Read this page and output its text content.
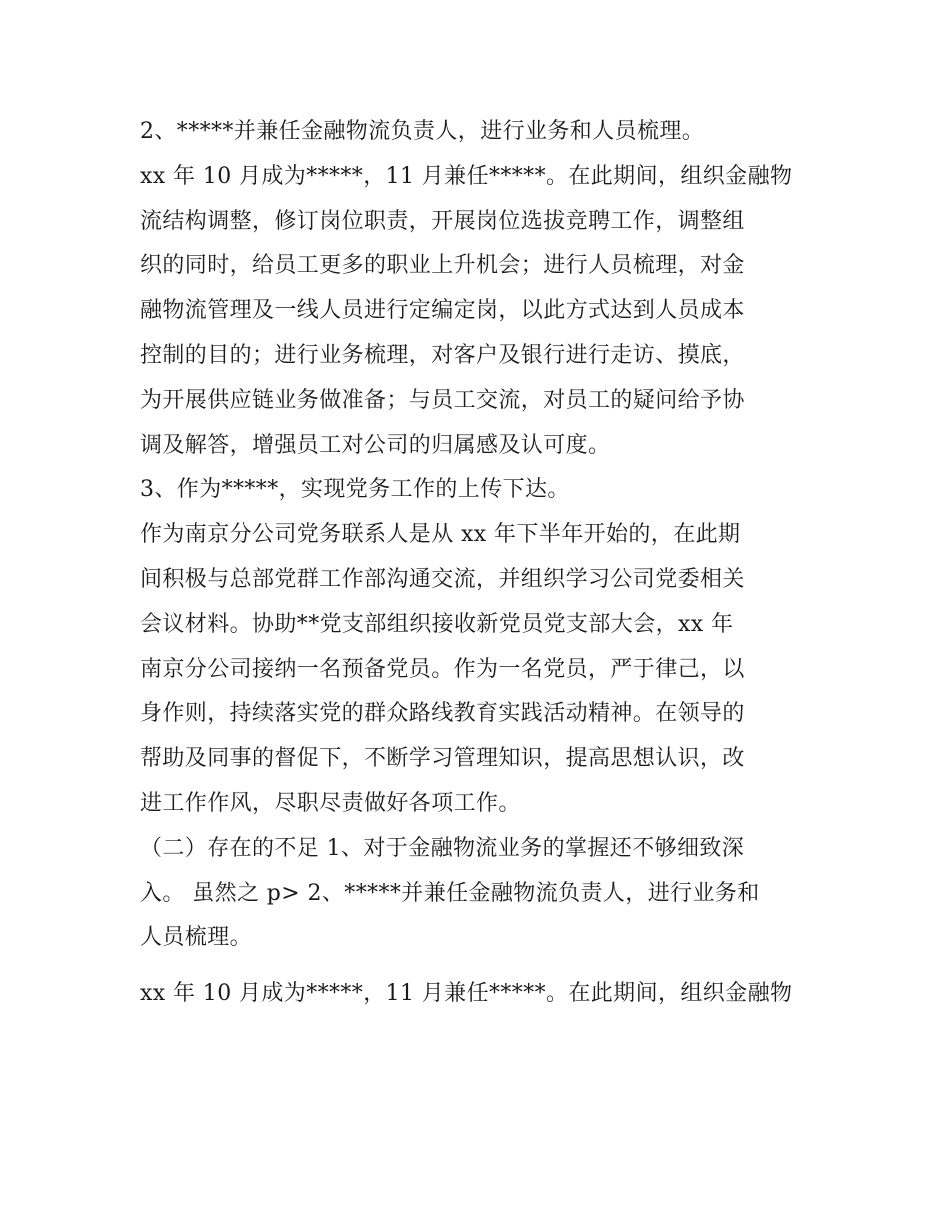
2、*****并兼任金融物流负责人，进行业务和人员梳理。
xx 年 10 月成为*****，11 月兼任*****。在此期间，组织金融物
流结构调整，修订岗位职责，开展岗位选拔竞聘工作，调整组
织的同时，给员工更多的职业上升机会；进行人员梳理，对金
融物流管理及一线人员进行定编定岗，以此方式达到人员成本
控制的目的；进行业务梳理，对客户及银行进行走访、摸底，
为开展供应链业务做准备；与员工交流，对员工的疑问给予协
调及解答，增强员工对公司的归属感及认可度。
3、作为*****，实现党务工作的上传下达。
作为南京分公司党务联系人是从 xx 年下半年开始的，在此期
间积极与总部党群工作部沟通交流，并组织学习公司党委相关
会议材料。协助**党支部组织接收新党员党支部大会，xx 年
南京分公司接纳一名预备党员。作为一名党员，严于律己，以
身作则，持续落实党的群众路线教育实践活动精神。在领导的
帮助及同事的督促下，不断学习管理知识，提高思想认识，改
进工作作风，尽职尽责做好各项工作。
（二）存在的不足 1、对于金融物流业务的掌握还不够细致深
入。 虽然之 p> 2、*****并兼任金融物流负责人，进行业务和
人员梳理。
xx 年 10 月成为*****，11 月兼任*****。在此期间，组织金融物
